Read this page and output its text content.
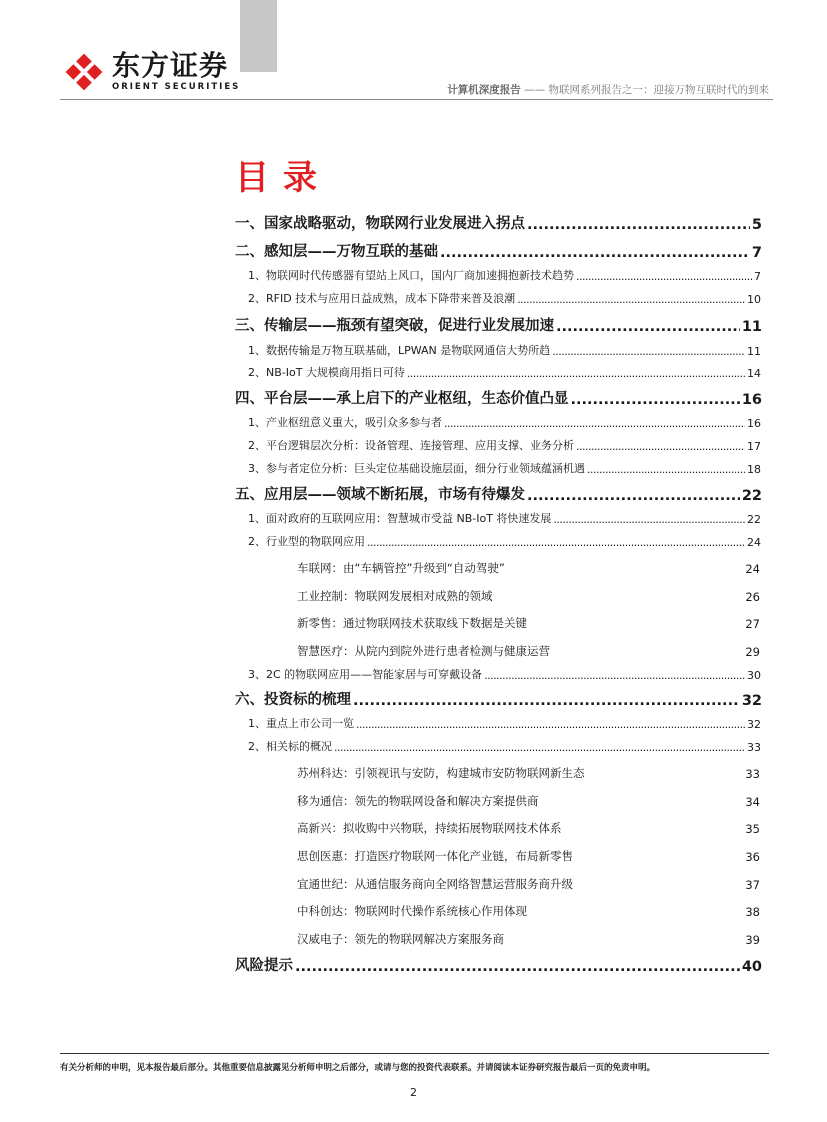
东方证券
ORIENT SECURITIES	计算机深度报告 —— 物联网系列报告之一：迎接万物互联时代的到来
目录
一、国家战略驱动，物联网行业发展进入拐点 .....	5
二、感知层——万物互联的基础 .....	7
1、物联网时代传感器有望站上风口，国内厂商加速拥抱新技术趋势 .....	7
2、RFID 技术与应用日益成熟，成本下降带来普及浪潮 .....	10
三、传输层——瓶颈有望突破，促进行业发展加速 .....	11
1、数据传输是万物互联基础，LPWAN 是物联网通信大势所趋 .....	11
2、NB-IoT 大规模商用指日可待 .....	14
四、平台层——承上启下的产业枢纽，生态价值凸显 .....	16
1、产业枢纽意义重大，吸引众多参与者 .....	16
2、平台逻辑层次分析：设备管理、连接管理、应用支撑、业务分析 .....	17
3、参与者定位分析：巨头定位基础设施层面，细分行业领域蕴涵机遇 .....	18
五、应用层——领域不断拓展，市场有待爆发 .....	22
1、面对政府的互联网应用：智慧城市受益 NB-IoT 将快速发展 .....	22
2、行业型的物联网应用 .....	24
车联网：由“车辆管控”升级到“自动驾驶”	24
工业控制：物联网发展相对成熟的领域	26
新零售：通过物联网技术获取线下数据是关键	27
智慧医疗：从院内到院外进行患者检测与健康运营	29
3、2C 的物联网应用——智能家居与可穿戴设备 .....	30
六、投资标的梳理 .....	32
1、重点上市公司一览 .....	32
2、相关标的概况 .....	33
苏州科达：引领视讯与安防，构建城市安防物联网新生态	33
移为通信：领先的物联网设备和解决方案提供商	34
高新兴：拟收购中兴物联，持续拓展物联网技术体系	35
思创医惠：打造医疗物联网一体化产业链，布局新零售	36
宜通世纪：从通信服务商向全网络智慧运营服务商升级	37
中科创达：物联网时代操作系统核心作用体现	38
汉威电子：领先的物联网解决方案服务商	39
风险提示 .....	40
有关分析师的申明，见本报告最后部分。其他重要信息披露见分析师申明之后部分，或请与您的投资代表联系。并请阅读本证券研究报告最后一页的免责申明。
2
